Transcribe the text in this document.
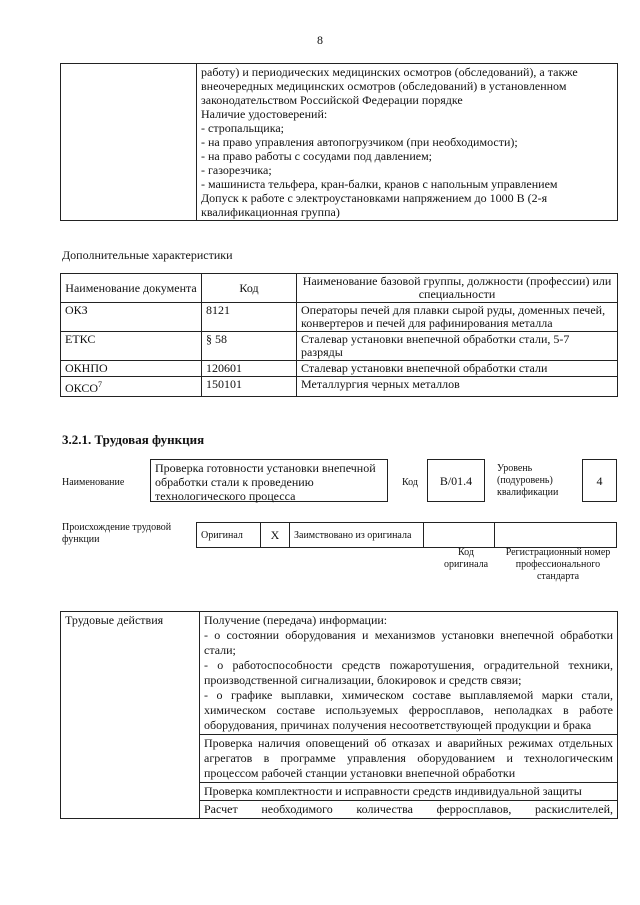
8

работу) и периодических медицинских осмотров (обследований), а также
внеочередных медицинских осмотров (обследований) в установленном
законодательством Российской Федерации порядке
Наличие удостоверений:
- стропальщика;
- на право управления автопогрузчиком (при необходимости);
- на право работы с сосудами под давлением;
- газорезчика;
- машиниста тельфера, кран-балки, кранов с напольным управлением
Допуск к работе с электроустановками напряжением до 1000 В (2-я
квалификационная группа)
Дополнительные характеристики
Наименование документа	Код	Наименование базовой группы, должности (профессии) или специальности
ОКЗ	8121	Операторы печей для плавки сырой руды, доменных печей, конвертеров и печей для рафинирования металла
ЕТКС	§ 58	Сталевар установки внепечной обработки стали, 5-7 разряды
ОКНПО	120601	Сталевар установки внепечной обработки стали
ОКСО$^7$	150101	Металлургия черных металлов
3.2.1. Трудовая функция
Наименование
Проверка готовности установки внепечной обработки стали к проведению технологического процесса
Код В/01.4
Уровень (подуровень) квалификации
4
Происхождение трудовой функции	Оригинал	X	Заимствовано из оригинала		
Код оригинала
Регистрационный номер профессионального стандарта
Трудовые действия	Получение (передача) информации:
- о состоянии оборудования и механизмов установки внепечной обработки стали;
- о работоспособности средств пожаротушения, оградительной техники, производственной сигнализации, блокировок и средств связи;
- о графике выплавки, химическом составе выплавляемой марки стали, химическом составе используемых ферросплавов, неполадках в работе оборудования, причинах получения несоответствующей продукции и брака
Проверка наличия оповещений об отказах и аварийных режимах отдельных агрегатов в программе управления оборудованием и технологическим процессом рабочей станции установки внепечной обработки
Проверка комплектности и исправности средств индивидуальной защиты
Расчет необходимого количества ферросплавов, раскислителей,
